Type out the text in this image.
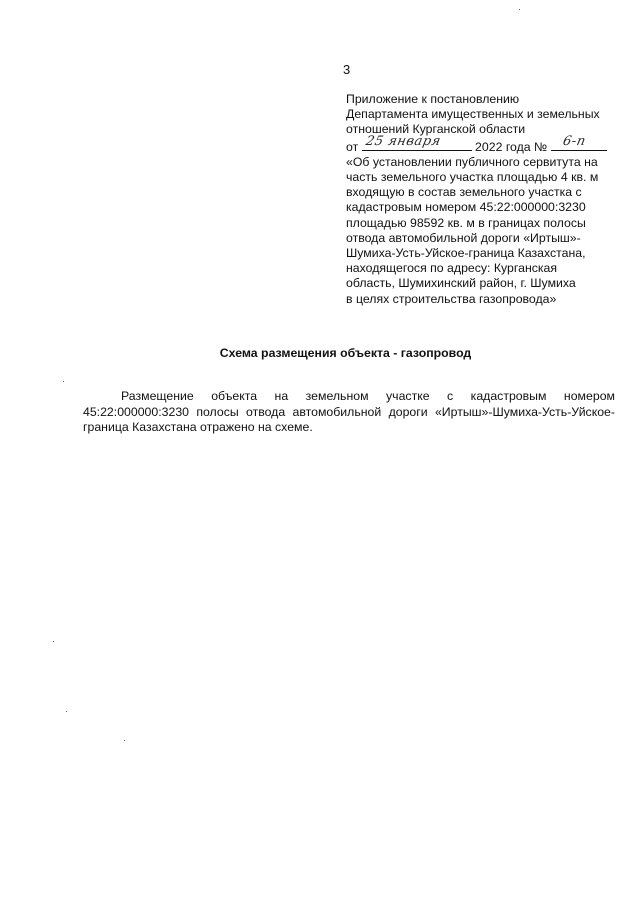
3
Приложение к постановлению
Департамента имущественных и земельных
отношений Курганской области
от 25 января	2022 года № 6-п
«Об установлении публичного сервитута на
часть земельного участка площадью 4 кв. м
входящую в состав земельного участка с
кадастровым номером 45:22:000000:3230
площадью 98592 кв. м в границах полосы
отвода автомобильной дороги «Иртыш»-
Шумиха-Усть-Уйское-граница Казахстана,
находящегося по адресу: Курганская
область, Шумихинский район, г. Шумиха
в целях строительства газопровода»
Схема размещения объекта - газопровод

Размещение объекта на земельном участке с кадастровым номером 45:22:000000:3230 полосы отвода автомобильной дороги «Иртыш»-Шумиха-Усть-Уйское-граница Казахстана отражено на схеме.
